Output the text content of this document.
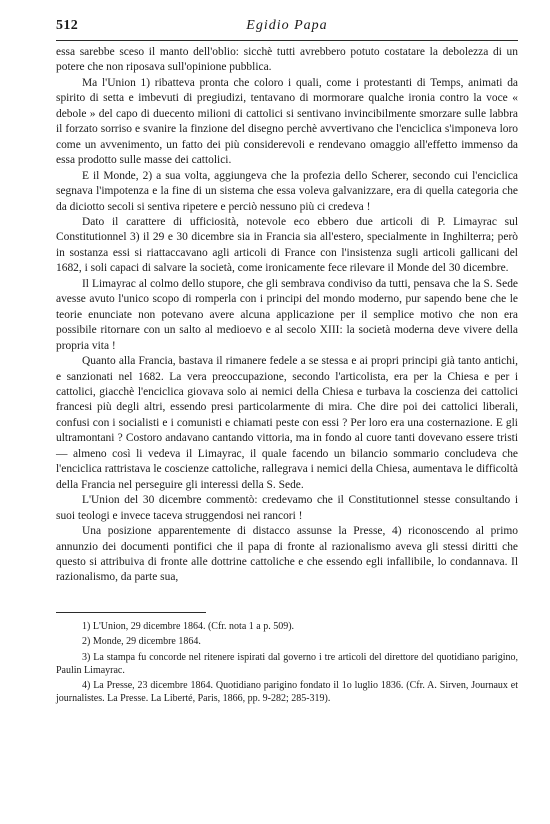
512	Egidio Papa

essa sarebbe sceso il manto dell'oblio: sicchè tutti avrebbero potuto costatare la debolezza di un potere che non riposava sull'opinione pubblica.

Ma l'Union 1) ribatteva pronta che coloro i quali, come i protestanti di Temps, animati da spirito di setta e imbevuti di pregiudizi, tentavano di mormorare qualche ironia contro la voce « debole » del capo di duecento milioni di cattolici si sentivano invincibilmente smorzare sulle labbra il forzato sorriso e svanire la finzione del disegno perchè avvertivano che l'enciclica s'imponeva loro come un avvenimento, un fatto dei più considerevoli e rendevano omaggio all'effetto immenso da essa prodotto sulle masse dei cattolici.

E il Monde, 2) a sua volta, aggiungeva che la profezia dello Scherer, secondo cui l'enciclica segnava l'impotenza e la fine di un sistema che essa voleva galvanizzare, era di quella categoria che da diciotto secoli si sentiva ripetere e perciò nessuno più ci credeva !

Dato il carattere di ufficiosità, notevole eco ebbero due articoli di P. Limayrac sul Constitutionnel 3) il 29 e 30 dicembre sia in Francia sia all'estero, specialmente in Inghilterra; però in sostanza essi si riattaccavano agli articoli di France con l'insistenza sugli articoli gallicani del 1682, i soli capaci di salvare la società, come ironicamente fece rilevare il Monde del 30 dicembre.

Il Limayrac al colmo dello stupore, che gli sembrava condiviso da tutti, pensava che la S. Sede avesse avuto l'unico scopo di romperla con i principi del mondo moderno, pur sapendo bene che le teorie enunciate non potevano avere alcuna applicazione per il semplice motivo che non era possibile ritornare con un salto al medioevo e al secolo XIII: la società moderna deve vivere della propria vita !

Quanto alla Francia, bastava il rimanere fedele a se stessa e ai propri principi già tanto antichi, e sanzionati nel 1682. La vera preoccupazione, secondo l'articolista, era per la Chiesa e per i cattolici, giacchè l'enciclica giovava solo ai nemici della Chiesa e turbava la coscienza dei cattolici francesi più degli altri, essendo presi particolarmente di mira. Che dire poi dei cattolici liberali, confusi con i socialisti e i comunisti e chiamati peste con essi ? Per loro era una costernazione. E gli ultramontani ? Costoro andavano cantando vittoria, ma in fondo al cuore tanti dovevano essere tristi — almeno così li vedeva il Limayrac, il quale facendo un bilancio sommario concludeva che l'enciclica rattristava le coscienze cattoliche, rallegrava i nemici della Chiesa, aumentava le difficoltà della Francia nel perseguire gli interessi della S. Sede.

L'Union del 30 dicembre commentò: credevamo che il Constitutionnel stesse consultando i suoi teologi e invece taceva struggendosi nei rancori !

Una posizione apparentemente di distacco assunse la Presse, 4) riconoscendo al primo annunzio dei documenti pontifici che il papa di fronte al razionalismo aveva gli stessi diritti che questo si attribuiva di fronte alle dottrine cattoliche e che essendo egli infallibile, lo condannava. Il razionalismo, da parte sua,

1) L'Union, 29 dicembre 1864. (Cfr. nota 1 a p. 509).

2) Monde, 29 dicembre 1864.

3) La stampa fu concorde nel ritenere ispirati dal governo i tre articoli del direttore del quotidiano parigino, Paulin Limayrac.

4) La Presse, 23 dicembre 1864. Quotidiano parigino fondato il 1o luglio 1836. (Cfr. A. Sirven, Journaux et journalistes. La Presse. La Liberté, Paris, 1866, pp. 9-282; 285-319).
